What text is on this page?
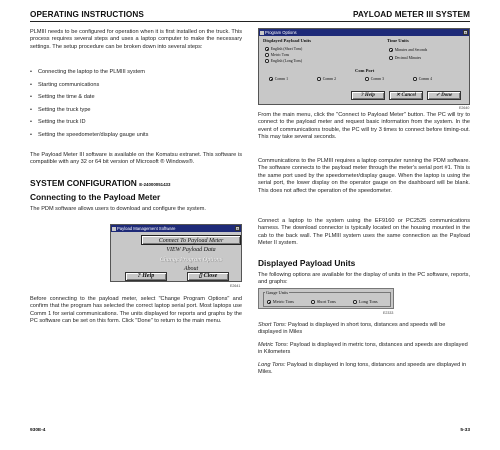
OPERATING INSTRUCTIONS	PAYLOAD METER III SYSTEM

PLMIII needs to be configured for operation when it is first installed on the truck. This process requires several steps and uses a laptop computer to make the necessary settings. The setup procedure can be broken down into several steps:

• Connecting the laptop to the PLMIII system
• Starting communications
• Setting the time & date
• Setting the truck type
• Setting the truck ID
• Setting the speedometer/display gauge units

The Payload Meter III software is available on the Komatsu extranet. This software is compatible with any 32 or 64 bit version of Microsoft ® Windows®.

SYSTEM CONFIGURATION E-24000051433
Connecting to the Payload Meter

The PDM software allows users to download and configure the system.

Payload Management Software	×
Connect To Payload Meter
VIEW Payload Data
Change Program Options
About
? Help	▯ Close
E2641

Before connecting to the payload meter, select "Change Program Options" and confirm that the program has selected the correct laptop serial port. Most laptops use Comm 1 for serial communications. The units displayed for reports and graphs by the PC software can be set on this form. Click "Done" to return to the main menu.

Program Options	×
Displayed Payload Units
English (Short Tons)
Metric Tons
English (Long Tons)
Time Units
Minutes and Seconds
Decimal Minutes
Com Port
Comm 1	Comm 2	Comm 3	Comm 4
? Help	✕ Cancel	✓ Done
E2640

From the main menu, click the "Connect to Payload Meter" button. The PC will try to connect to the payload meter and request basic information from the system. In the event of communications trouble, the PC will try 3 times to connect before timing-out. This may take several seconds.

Communications to the PLMIII requires a laptop computer running the PDM software. The software connects to the payload meter through the meter's serial port #1. This is the same port used by the speedometer/display gauge. When the laptop is using the serial port, the lower display on the operator gauge on the dashboard will be blank. This does not affect the operation of the speedometer.

Connect a laptop to the system using the EF9160 or PC2525 communications harness. The download connector is typically located on the housing mounted in the cab to the back wall. The PLMIII system uses the same connection as the Payload Meter II system.

Displayed Payload Units

The following options are available for the display of units in the PC software, reports, and graphs:

Gauge Units
Metric Tons	Short Tons	Long Tons
E2333

Short Tons: Payload is displayed in short tons, distances and speeds will be displayed in Miles

Metric Tons: Payload is displayed in metric tons, distances and speeds are displayed in Kilometers

Long Tons: Payload is displayed in long tons, distances and speeds are displayed in Miles.

930E-4	5-33
